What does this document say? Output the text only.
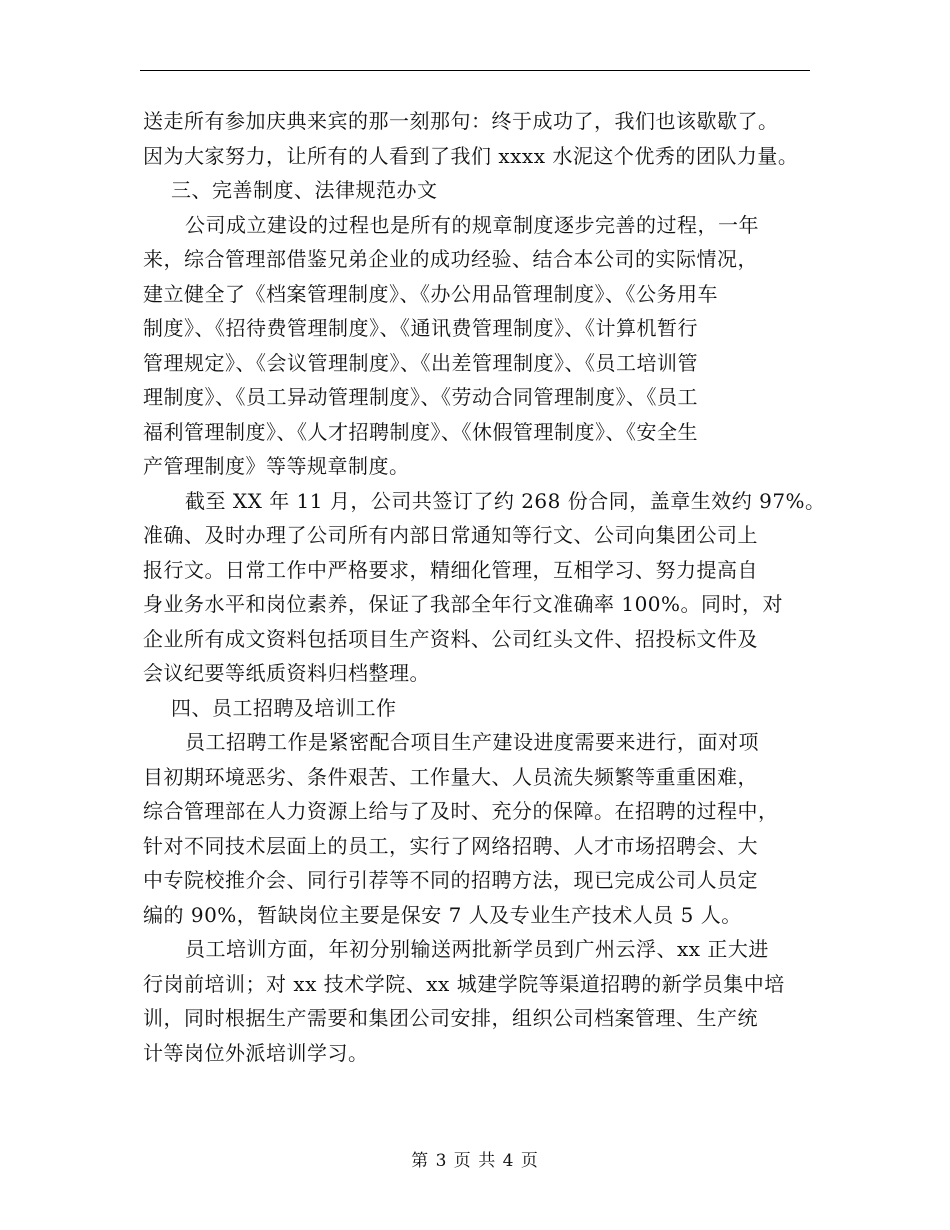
送走所有参加庆典来宾的那一刻那句：终于成功了，我们也该歇歇了。
因为大家努力，让所有的人看到了我们 xxxx 水泥这个优秀的团队力量。
三、完善制度、法律规范办文
公司成立建设的过程也是所有的规章制度逐步完善的过程，一年
来，综合管理部借鉴兄弟企业的成功经验、结合本公司的实际情况，
建立健全了《档案管理制度》、《办公用品管理制度》、《公务用车
制度》、《招待费管理制度》、《通讯费管理制度》、《计算机暂行
管理规定》、《会议管理制度》、《出差管理制度》、《员工培训管
理制度》、《员工异动管理制度》、《劳动合同管理制度》、《员工
福利管理制度》、《人才招聘制度》、《休假管理制度》、《安全生
产管理制度》等等规章制度。
截至 XX 年 11 月，公司共签订了约 268 份合同，盖章生效约 97%。
准确、及时办理了公司所有内部日常通知等行文、公司向集团公司上
报行文。日常工作中严格要求，精细化管理，互相学习、努力提高自
身业务水平和岗位素养，保证了我部全年行文准确率 100%。同时，对
企业所有成文资料包括项目生产资料、公司红头文件、招投标文件及
会议纪要等纸质资料归档整理。
四、员工招聘及培训工作
员工招聘工作是紧密配合项目生产建设进度需要来进行，面对项
目初期环境恶劣、条件艰苦、工作量大、人员流失频繁等重重困难，
综合管理部在人力资源上给与了及时、充分的保障。在招聘的过程中，
针对不同技术层面上的员工，实行了网络招聘、人才市场招聘会、大
中专院校推介会、同行引荐等不同的招聘方法，现已完成公司人员定
编的 90%，暂缺岗位主要是保安 7 人及专业生产技术人员 5 人。
员工培训方面，年初分别输送两批新学员到广州云浮、xx 正大进
行岗前培训；对 xx 技术学院、xx 城建学院等渠道招聘的新学员集中培
训，同时根据生产需要和集团公司安排，组织公司档案管理、生产统
计等岗位外派培训学习。
第 3 页 共 4 页
